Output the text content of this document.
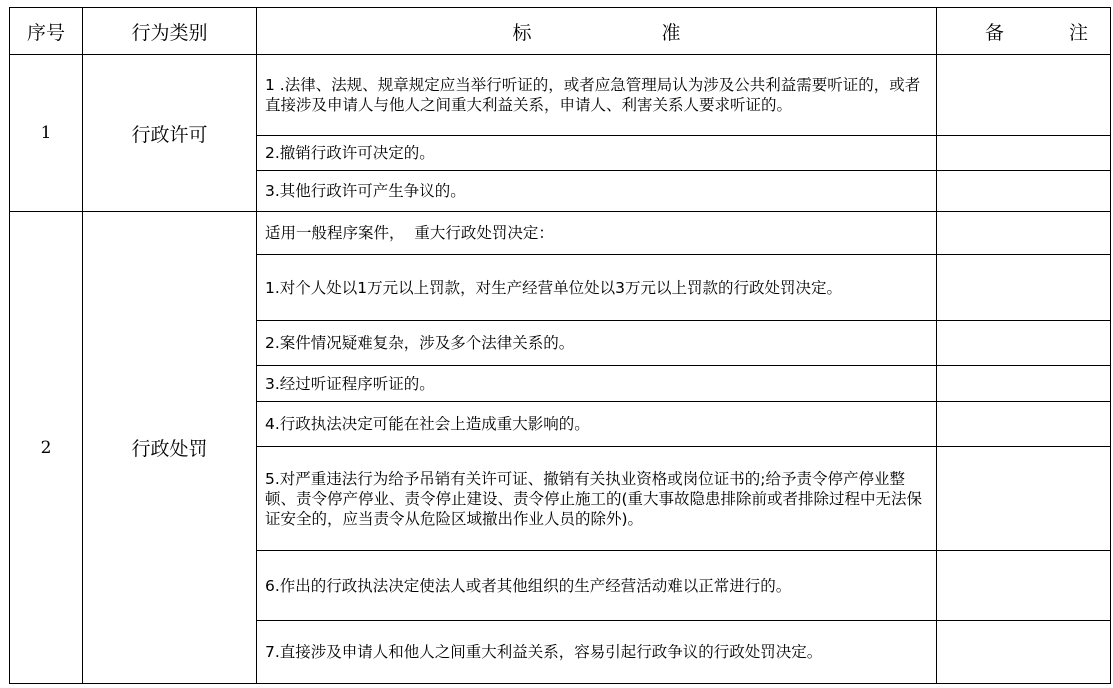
序号	行为类别	标 准	备 注

1	行政许可	1 .法律、法规、规章规定应当举行听证的，或者应急管理局认为涉及公共利益需要听证的，或者直接涉及申请人与他人之间重大利益关系，申请人、利害关系人要求听证的。	
		2.撤销行政许可决定的。	
		3.其他行政许可产生争议的。	
2	行政处罚	适用一般程序案件，  重大行政处罚决定：	
		1.对个人处以1万元以上罚款，对生产经营单位处以3万元以上罚款的行政处罚决定。	
		2.案件情况疑难复杂，涉及多个法律关系的。	
		3.经过听证程序听证的。	
		4.行政执法决定可能在社会上造成重大影响的。	
		5.对严重违法行为给予吊销有关许可证、撤销有关执业资格或岗位证书的;给予责令停产停业整顿、责令停产停业、责令停止建设、责令停止施工的(重大事故隐患排除前或者排除过程中无法保证安全的，应当责令从危险区域撤出作业人员的除外)。	
		6.作出的行政执法决定使法人或者其他组织的生产经营活动难以正常进行的。	
		7.直接涉及申请人和他人之间重大利益关系，容易引起行政争议的行政处罚决定。	
